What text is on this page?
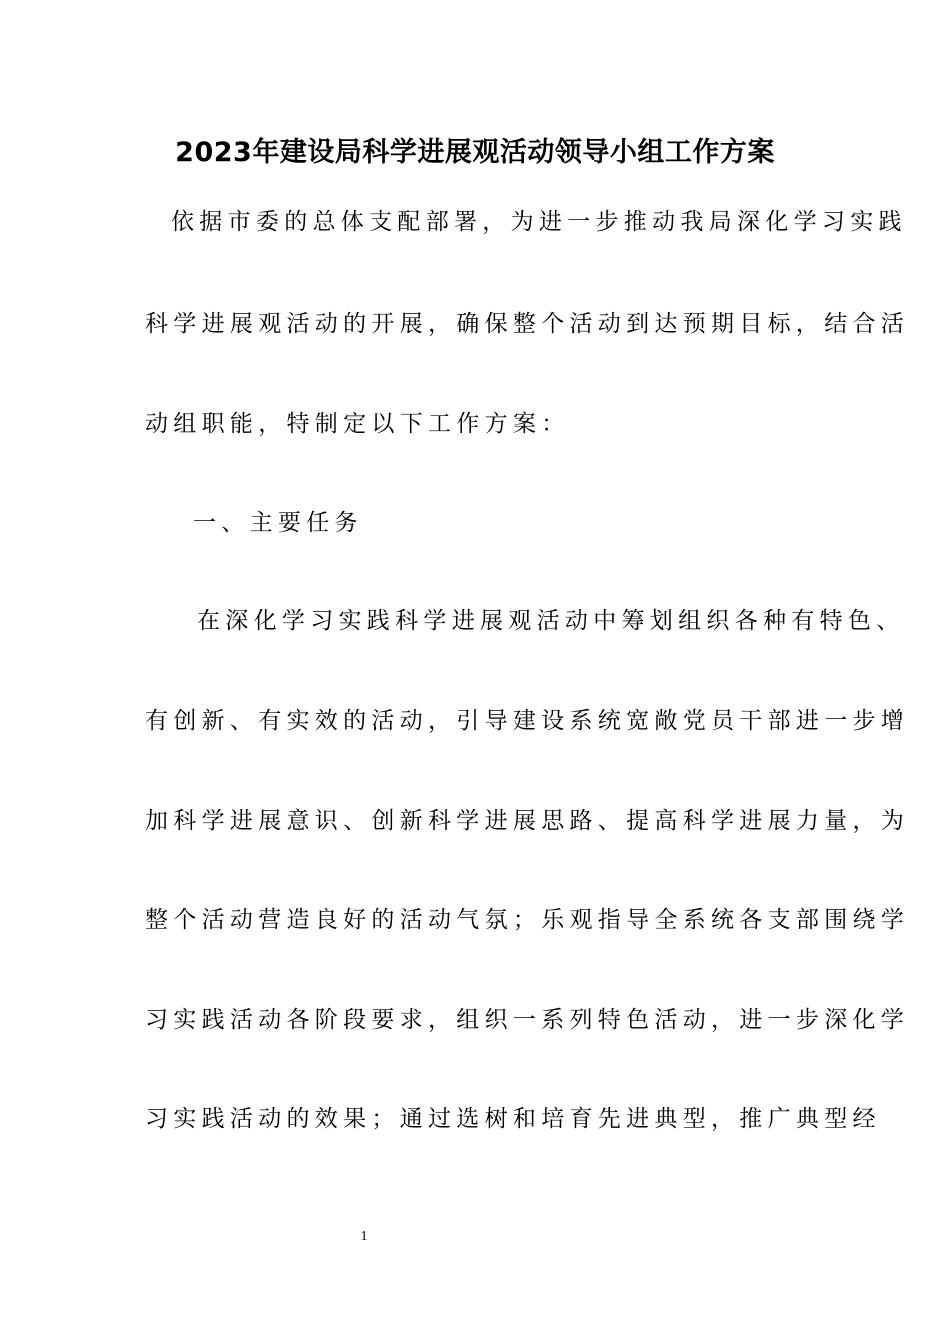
2023年建设局科学进展观活动领导小组工作方案
依据市委的总体支配部署，为进一步推动我局深化学习实践
科学进展观活动的开展，确保整个活动到达预期目标，结合活
动组职能，特制定以下工作方案：
一、主要任务
在深化学习实践科学进展观活动中筹划组织各种有特色、
有创新、有实效的活动，引导建设系统宽敞党员干部进一步增
加科学进展意识、创新科学进展思路、提高科学进展力量，为
整个活动营造良好的活动气氛；乐观指导全系统各支部围绕学
习实践活动各阶段要求，组织一系列特色活动，进一步深化学
习实践活动的效果；通过选树和培育先进典型，推广典型经
1
